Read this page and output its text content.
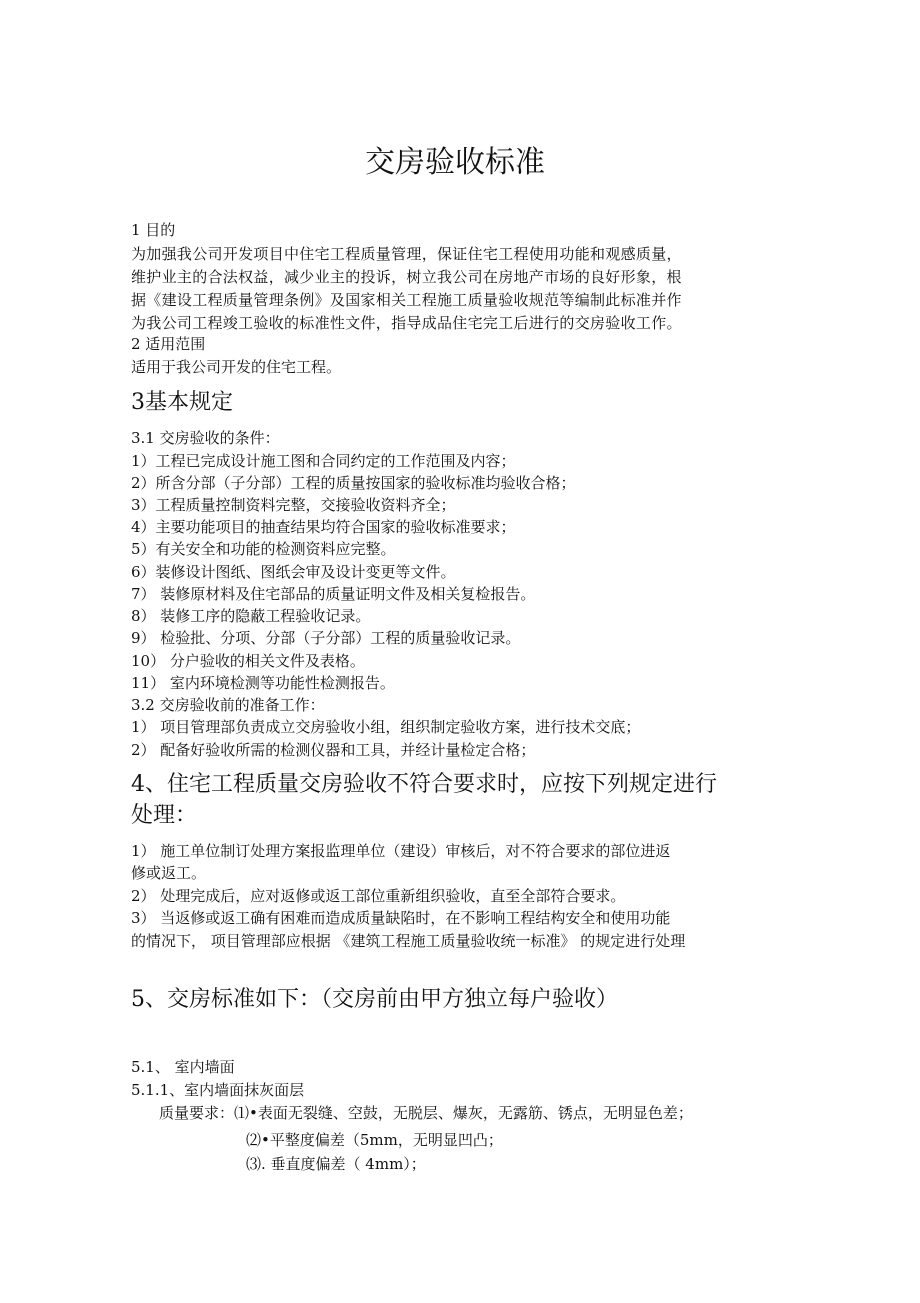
交房验收标准
1 目的
为加强我公司开发项目中住宅工程质量管理，保证住宅工程使用功能和观感质量，
维护业主的合法权益，减少业主的投诉，树立我公司在房地产市场的良好形象，根
据《建设工程质量管理条例》及国家相关工程施工质量验收规范等编制此标准并作
为我公司工程竣工验收的标准性文件，指导成品住宅完工后进行的交房验收工作。
2 适用范围
适用于我公司开发的住宅工程。
3基本规定
3.1 交房验收的条件：
1）工程已完成设计施工图和合同约定的工作范围及内容；
2）所含分部（子分部）工程的质量按国家的验收标准均验收合格；
3）工程质量控制资料完整，交接验收资料齐全；
4）主要功能项目的抽查结果均符合国家的验收标准要求；
5）有关安全和功能的检测资料应完整。
6）装修设计图纸、图纸会审及设计变更等文件。
7） 装修原材料及住宅部品的质量证明文件及相关复检报告。
8） 装修工序的隐蔽工程验收记录。
9） 检验批、分项、分部（子分部）工程的质量验收记录。
10） 分户验收的相关文件及表格。
11） 室内环境检测等功能性检测报告。
3.2 交房验收前的准备工作：
1） 项目管理部负责成立交房验收小组，组织制定验收方案，进行技术交底；
2） 配备好验收所需的检测仪器和工具，并经计量检定合格；
4、住宅工程质量交房验收不符合要求时，应按下列规定进行
处理：
1） 施工单位制订处理方案报监理单位（建设）审核后，对不符合要求的部位进返
修或返工。
2） 处理完成后，应对返修或返工部位重新组织验收，直至全部符合要求。
3） 当返修或返工确有困难而造成质量缺陷时，在不影响工程结构安全和使用功能
的情况下， 项目管理部应根据 《建筑工程施工质量验收统一标准》 的规定进行处理
5、交房标准如下：（交房前由甲方独立每户验收）
5.1、 室内墙面
5.1.1、室内墙面抹灰面层
质量要求：⑴•表面无裂缝、空鼓，无脱层、爆灰，无露筋、锈点，无明显色差；
⑵•平整度偏差（5mm，无明显凹凸；
⑶. 垂直度偏差（ 4mm）；
